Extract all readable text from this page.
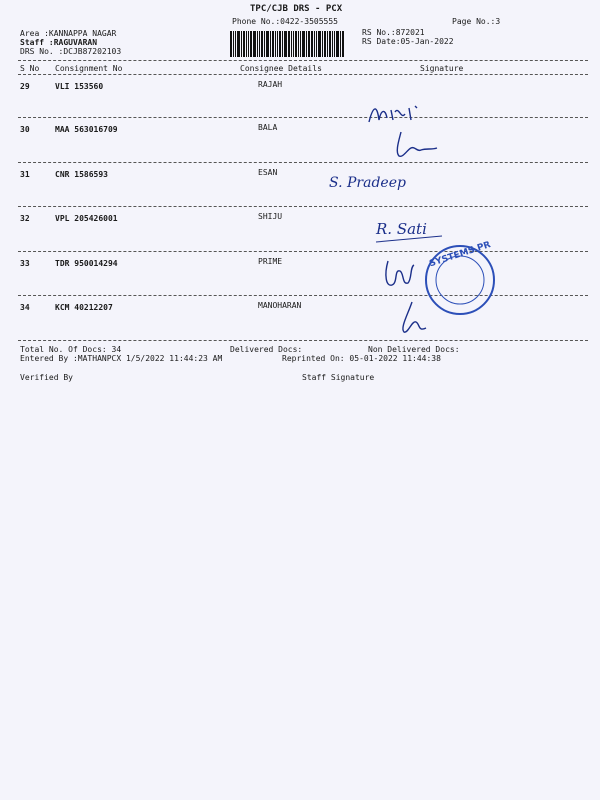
TPC/CJB DRS - PCX
Phone No.:0422-3505555	Page No.:3
Area :KANNAPPA NAGAR
Staff :RAGUVARAN
DRS No. :DCJB87202103
RS No.:872021
RS Date:05-Jan-2022
S No Consignment No	Consignee Details	Signature
29	VLI 153560	RAJAH
30	MAA 563016709	BALA
31	CNR 1586593	ESAN
32	VPL 205426001	SHIJU
33	TDR 950014294	PRIME
34	KCM 40212207	MANOHARAN
Total No. Of Docs: 34	Delivered Docs:	Non Delivered Docs:
Entered By :MATHANPCX 1/5/2022 11:44:23 AM	Reprinted On: 05-01-2022 11:44:38
Verified By	Staff Signature
S. Pradeep
R. Sati
SYSTEMS PR
